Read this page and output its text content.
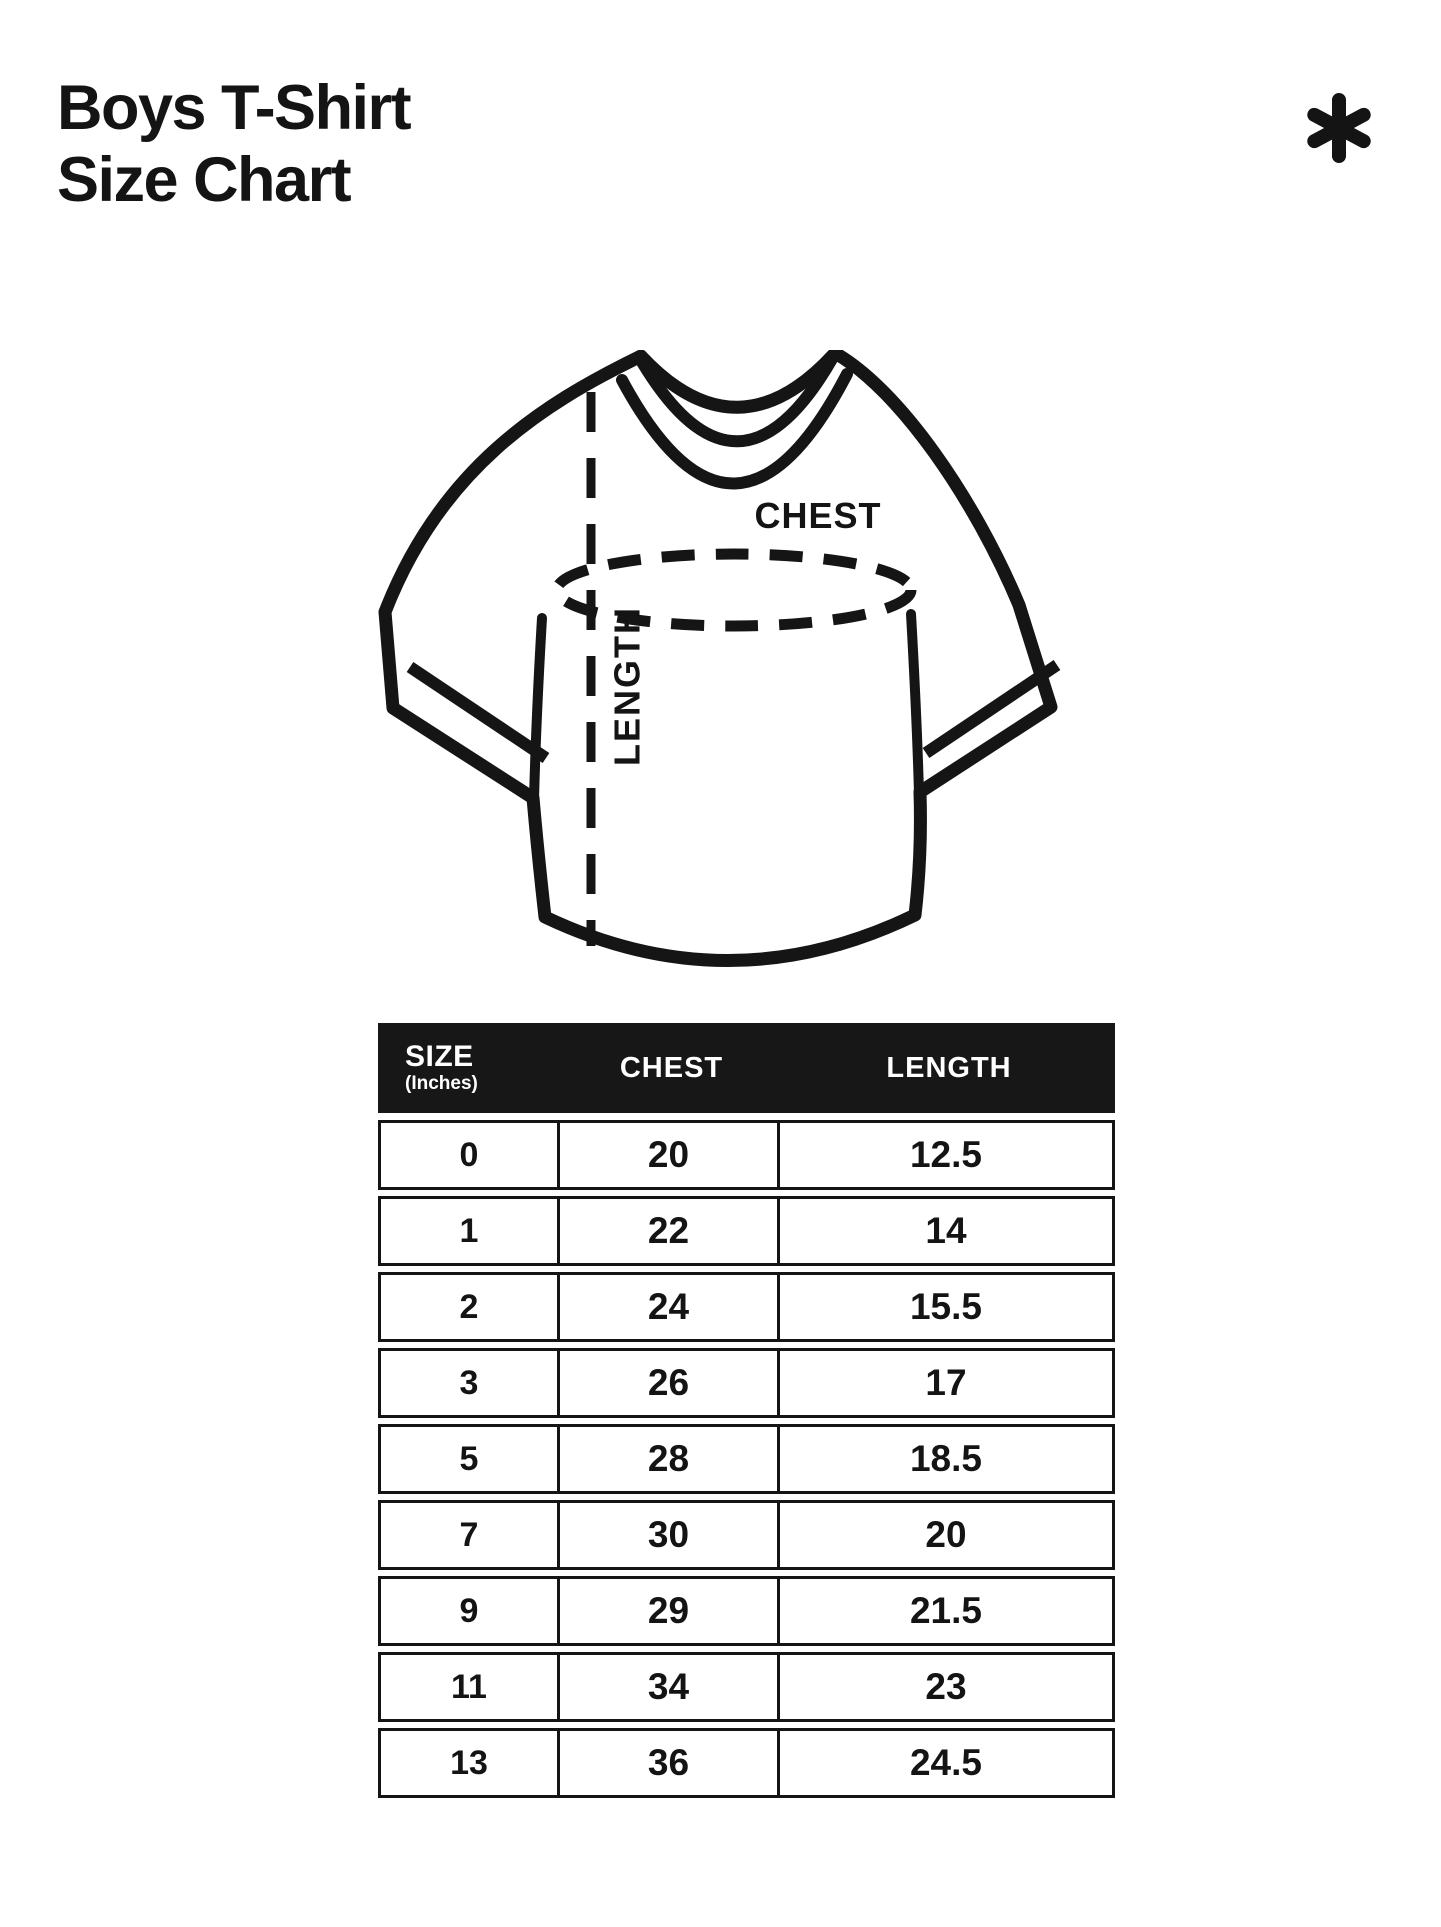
Boys T-Shirt
Size Chart
CHEST
LENGTH
SIZE
(Inches)	CHEST	LENGTH
0	20	12.5
1	22	14
2	24	15.5
3	26	17
5	28	18.5
7	30	20
9	29	21.5
11	34	23
13	36	24.5
